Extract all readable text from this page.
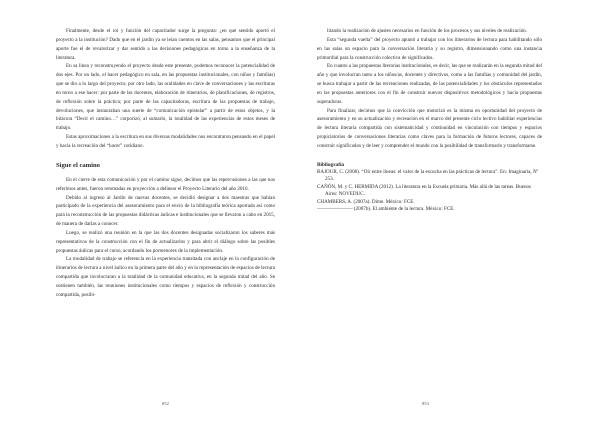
Finalmente, desde el rol y función del capacitador surge la pregunta: ¿en qué sentido aportó el proyecto a la institución? Dado que en el jardín ya se leían cuentos en las salas, pensamos que el principal aporte fue el de revalorizar y dar sentido a las decisiones pedagógicas en torno a la enseñanza de la literatura.

En sa línea y reconstruyendo el proyecto desde este presente, podemos reconocer la potencialidad de dos ejes. Por un lado, el hacer pedagógico en sala, en las propuestas institucionales, con niños y familias) que se dio a lo largo del proyecto; por otro lado, las oralidades en clave de conversaciones y las escrituras en torno a ese hacer: por parte de las docentes, elaboración de itinerarios, de planificaciones, de registros, de reflexión sobre la práctica; por parte de las capacitadoras, escritura de las propuestas de trabajo, devoluciones, que instauraban una suerte de “comunicación epistolar” a partir de estos objetos, y la bitácora “Decir el camino…” corporizó, al sumarlo, la totalidad de las experiencias de estos meses de trabajo.

Estas aproximaciones a la escritura en sus diversas modalidades nos encontraron pensando en el papel y hacia la recreación del “hacer” cotidiano.

Sigue el camino

En el cierre de esta comunicación y por el camino sigue, decimos que las repercusiones a las que nos referimos antes, fueron retomadas en proyección a delinear el Proyecto Literario del año 2016.

Debido al ingreso al Jardín de nuevas docentes, se decidió designar a dos maestras que habían participado de la experiencia del asesoramiento para el envío de la bibliografía teórica aportada así como para la reconstrucción de las propuestas didácticas áulicas e institucionales que se llevaron a cabo en 2015, de manera de darlas a conocer.

Luego, se realizó una reunión en la que las dos docentes designadas socializaron los saberes más representativos de la construcción con el fin de actualizarlos y para abrir el diálogo sobre las posibles propuestas áulicas para el curso, acordando los pormenores de la implementación.

La modalidad de trabajo se referencia en la experiencia transitada con anclaje en la configuración de itinerarios de lectura a nivel áulico en la primera parte del año y en la representación de espacios de lectura compartida que involucraran a la totalidad de la comunidad educativa, en la segunda mitad del año. Se sostienen también, las reuniones institucionales como tiempos y espacios de reflexión y construcción compartida, posibi-

852

litando la realización de ajustes necesarios en función de los procesos y sus niveles de realización.

Esta “segunda vuelta” del proyecto apuntó a trabajar con los itinerarios de lectura para habilitando sólo en las salas un espacio para la conversación literaria y su registro, dimensionando como una instancia primordial para la construcción colectiva de significados.

En cuanto a las propuestas literarias institucionales, es decir, las que se realizarán en la segunda mitad del año y que involucran tanto a los niños/as, docentes y directivos, como a las familias y comunidad del jardín, se busca trabajar a partir de las recreaciones realizadas, de las potencialidades y los obstáculos representados en las propuestas anteriores con el fin de construir nuevos dispositivos metodológicos y hacia propuestas superadoras.

Para finalizar, decimos que la convicción que motorizó es la misma en oportunidad del proyecto de asesoramiento y en su actualización y recreación en el marco del presente ciclo lectivo habilitar experiencias de lectura literaria compartida con sistematicidad y continuidad en vinculación con tiempos y espacios propiciatorios de conversaciones literarias como claves para la formación de futuros lectores, capaces de construir significados y de leer y comprender el mundo con la posibilidad de transformarlo y transformarse.

Bibliografía

BAJOUR, C. (2008). “Oír entre líneas: el valor de la escucha en las prácticas de lectura”. En: Imaginaria, Nº 253.

CAÑÓN, M. y C. HERMIDA (2012). La literatura en la Escuela primaria. Más allá de las tareas. Buenos Aires: NOVEDUC.

CHAMBERS, A. (2007a). Dime. México: FCE.

——————— (2007b). El ambiente de la lectura. México: FCE.

853
